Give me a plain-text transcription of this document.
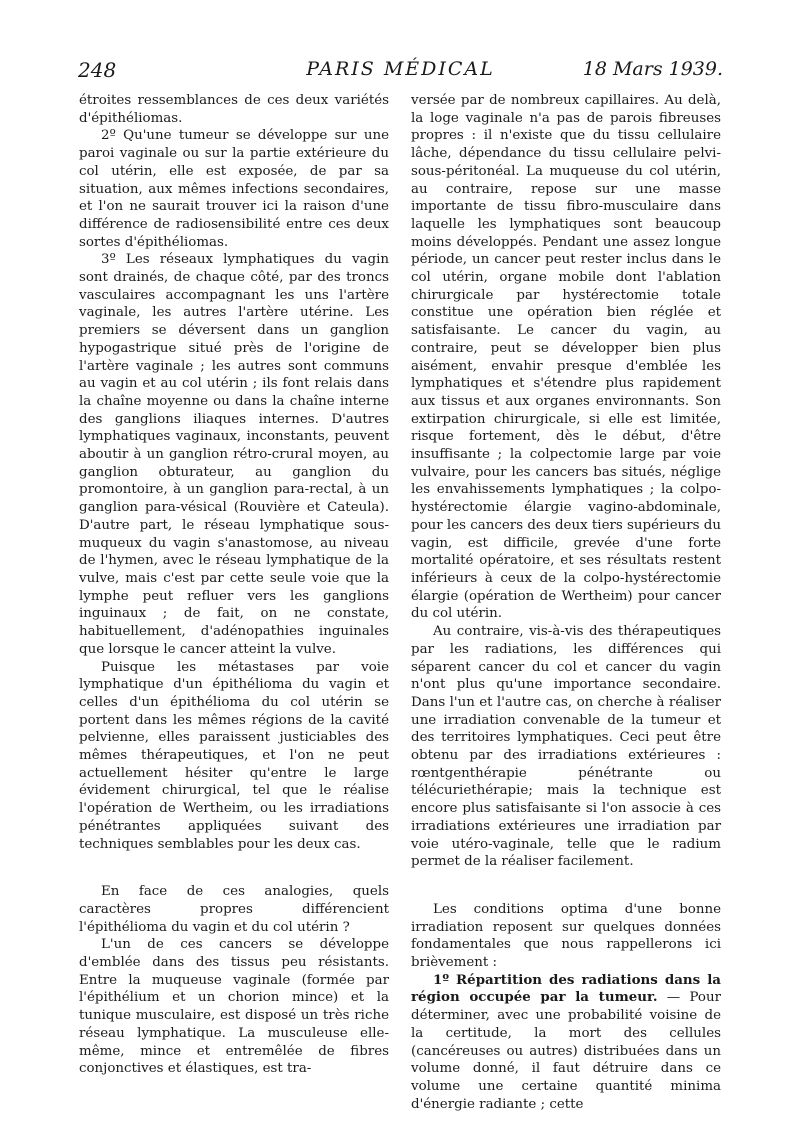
248	PARIS MÉDICAL	18 Mars 1939.

étroites ressemblances de ces deux variétés d'épithéliomas.

2º Qu'une tumeur se développe sur une paroi vaginale ou sur la partie extérieure du col utérin, elle est exposée, de par sa situation, aux mêmes infections secondaires, et l'on ne saurait trouver ici la raison d'une différence de radiosensibilité entre ces deux sortes d'épithéliomas.

3º Les réseaux lymphatiques du vagin sont drainés, de chaque côté, par des troncs vasculaires accompagnant les uns l'artère vaginale, les autres l'artère utérine. Les premiers se déversent dans un ganglion hypogastrique situé près de l'origine de l'artère vaginale ; les autres sont communs au vagin et au col utérin ; ils font relais dans la chaîne moyenne ou dans la chaîne interne des ganglions iliaques internes. D'autres lymphatiques vaginaux, inconstants, peuvent aboutir à un ganglion rétro-crural moyen, au ganglion obturateur, au ganglion du promontoire, à un ganglion para-rectal, à un ganglion para-vésical (Rouvière et Cateula). D'autre part, le réseau lymphatique sous-muqueux du vagin s'anastomose, au niveau de l'hymen, avec le réseau lymphatique de la vulve, mais c'est par cette seule voie que la lymphe peut refluer vers les ganglions inguinaux ; de fait, on ne constate, habituellement, d'adénopathies inguinales que lorsque le cancer atteint la vulve.

Puisque les métastases par voie lymphatique d'un épithélioma du vagin et celles d'un épithélioma du col utérin se portent dans les mêmes régions de la cavité pelvienne, elles paraissent justiciables des mêmes thérapeutiques, et l'on ne peut actuellement hésiter qu'entre le large évidement chirurgical, tel que le réalise l'opération de Wertheim, ou les irradiations pénétrantes appliquées suivant des techniques semblables pour les deux cas.

En face de ces analogies, quels caractères propres différencient l'épithélioma du vagin et du col utérin ?

L'un de ces cancers se développe d'emblée dans des tissus peu résistants. Entre la muqueuse vaginale (formée par l'épithélium et un chorion mince) et la tunique musculaire, est disposé un très riche réseau lymphatique. La musculeuse elle-même, mince et entremêlée de fibres conjonctives et élastiques, est tra-

versée par de nombreux capillaires. Au delà, la loge vaginale n'a pas de parois fibreuses propres : il n'existe que du tissu cellulaire lâche, dépendance du tissu cellulaire pelvi-sous-péritonéal. La muqueuse du col utérin, au contraire, repose sur une masse importante de tissu fibro-musculaire dans laquelle les lymphatiques sont beaucoup moins développés. Pendant une assez longue période, un cancer peut rester inclus dans le col utérin, organe mobile dont l'ablation chirurgicale par hystérectomie totale constitue une opération bien réglée et satisfaisante. Le cancer du vagin, au contraire, peut se développer bien plus aisément, envahir presque d'emblée les lymphatiques et s'étendre plus rapidement aux tissus et aux organes environnants. Son extirpation chirurgicale, si elle est limitée, risque fortement, dès le début, d'être insuffisante ; la colpectomie large par voie vulvaire, pour les cancers bas situés, néglige les envahissements lymphatiques ; la colpo-hystérectomie élargie vagino-abdominale, pour les cancers des deux tiers supérieurs du vagin, est difficile, grevée d'une forte mortalité opératoire, et ses résultats restent inférieurs à ceux de la colpo-hystérectomie élargie (opération de Wertheim) pour cancer du col utérin.

Au contraire, vis-à-vis des thérapeutiques par les radiations, les différences qui séparent cancer du col et cancer du vagin n'ont plus qu'une importance secondaire. Dans l'un et l'autre cas, on cherche à réaliser une irradiation convenable de la tumeur et des territoires lymphatiques. Ceci peut être obtenu par des irradiations extérieures : rœntgenthérapie pénétrante ou télécuriethérapie; mais la technique est encore plus satisfaisante si l'on associe à ces irradiations extérieures une irradiation par voie utéro-vaginale, telle que le radium permet de la réaliser facilement.

Les conditions optima d'une bonne irradiation reposent sur quelques données fondamentales que nous rappellerons ici brièvement :

1º Répartition des radiations dans la région occupée par la tumeur. — Pour déterminer, avec une probabilité voisine de la certitude, la mort des cellules (cancéreuses ou autres) distribuées dans un volume donné, il faut détruire dans ce volume une certaine quantité minima d'énergie radiante ; cette
